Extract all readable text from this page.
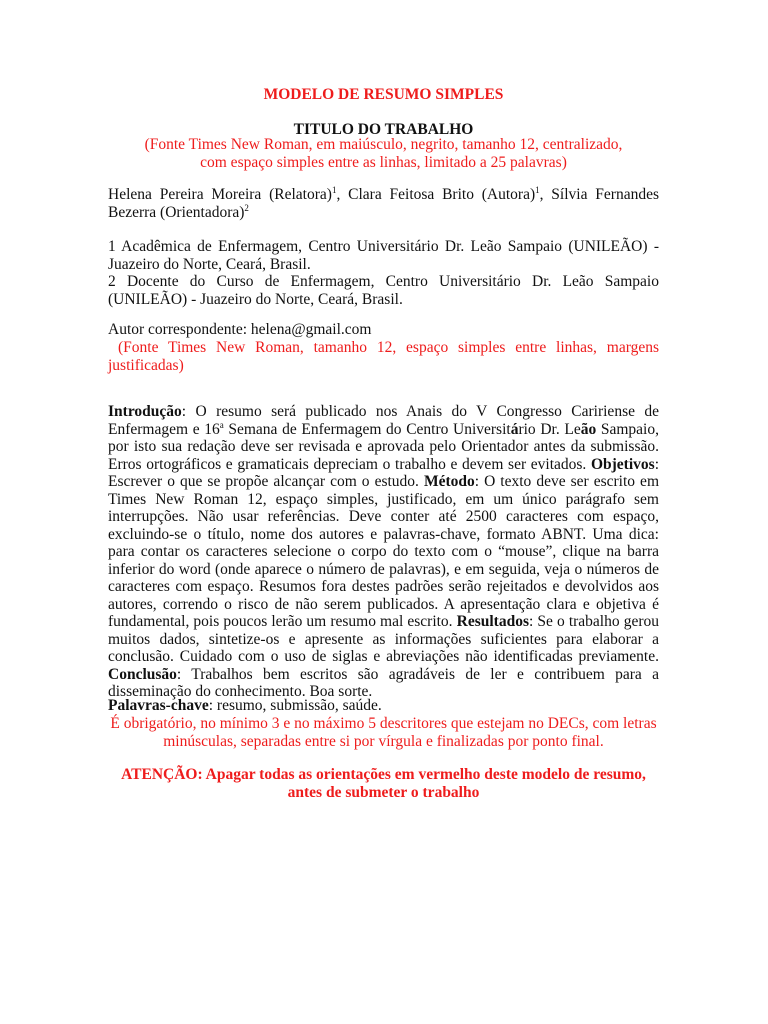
MODELO DE RESUMO SIMPLES
TITULO DO TRABALHO
(Fonte Times New Roman, em maiúsculo, negrito, tamanho 12, centralizado, com espaço simples entre as linhas, limitado a 25 palavras)
Helena Pereira Moreira (Relatora)$^1$, Clara Feitosa Brito (Autora)$^1$, Sílvia Fernandes Bezerra (Orientadora)$^2$
1 Acadêmica de Enfermagem, Centro Universitário Dr. Leão Sampaio (UNILEÃO) - Juazeiro do Norte, Ceará, Brasil.
2 Docente do Curso de Enfermagem, Centro Universitário Dr. Leão Sampaio (UNILEÃO) - Juazeiro do Norte, Ceará, Brasil.
Autor correspondente: helena@gmail.com
(Fonte Times New Roman, tamanho 12, espaço simples entre linhas, margens justificadas)
Introdução: O resumo será publicado nos Anais do V Congresso Caririense de Enfermagem e 16$^a$ Semana de Enfermagem do Centro Universitário Dr. Leão Sampaio, por isto sua redação deve ser revisada e aprovada pelo Orientador antes da submissão. Erros ortográficos e gramaticais depreciam o trabalho e devem ser evitados. Objetivos: Escrever o que se propõe alcançar com o estudo. Método: O texto deve ser escrito em Times New Roman 12, espaço simples, justificado, em um único parágrafo sem interrupções. Não usar referências. Deve conter até 2500 caracteres com espaço, excluindo-se o título, nome dos autores e palavras-chave, formato ABNT. Uma dica: para contar os caracteres selecione o corpo do texto com o “mouse”, clique na barra inferior do word (onde aparece o número de palavras), e em seguida, veja o números de caracteres com espaço. Resumos fora destes padrões serão rejeitados e devolvidos aos autores, correndo o risco de não serem publicados. A apresentação clara e objetiva é fundamental, pois poucos lerão um resumo mal escrito. Resultados: Se o trabalho gerou muitos dados, sintetize-os e apresente as informações suficientes para elaborar a conclusão. Cuidado com o uso de siglas e abreviações não identificadas previamente. Conclusão: Trabalhos bem escritos são agradáveis de ler e contribuem para a disseminação do conhecimento. Boa sorte.
Palavras-chave: resumo, submissão, saúde.
É obrigatório, no mínimo 3 e no máximo 5 descritores que estejam no DECs, com letras minúsculas, separadas entre si por vírgula e finalizadas por ponto final.
ATENÇÃO: Apagar todas as orientações em vermelho deste modelo de resumo, antes de submeter o trabalho
